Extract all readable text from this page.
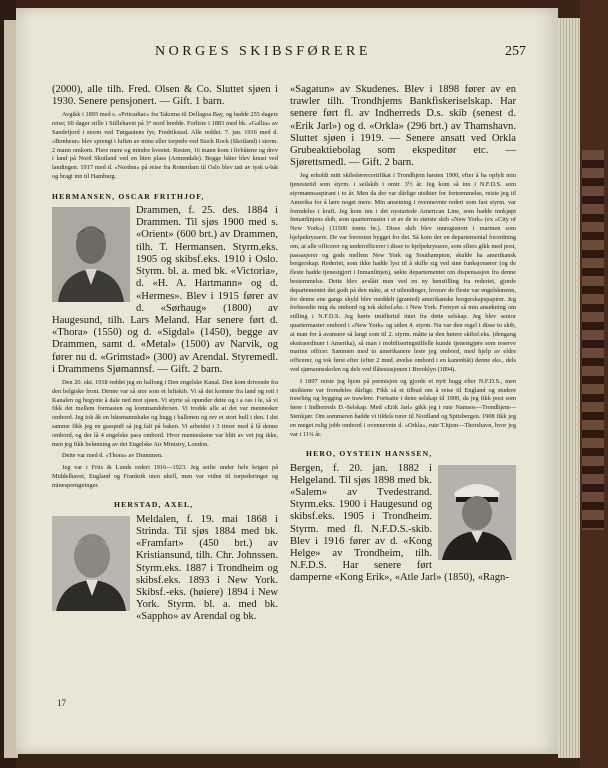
NORGES SKIBSFØRERE	257

(2000), alle tilh. Fred. Olsen & Co. Sluttet sjøen i 1930. Senere pensjonert. — Gift. 1 barn.

Avgikk i 1895 med s. «Pritcadiac» fra Takoma til Dellagoa Bay, og hadde 255 dagers reise; 60 dager stille i Stillehavet på 3° nord bredde. Forliste i 1883 med bk. «Gallia» av Sandefjord i storm ved Tørgautens fyr, Fredrikstad. Alle reddet. 7. jan. 1916 med d. «Bonheur» blev sprengt i luften av mine eller torpedo ved Stock Rock (Skotland) i storm. 2 mann omkom. Flere mere og mindre kvestet. Resten, 16 mann kom i livbåtene og drev i land på Nord Skotland ved en liten plass (Armendale). Begge båter blev knust ved landingen. 1917 med d. «Norden» på reise fra Rotterdam til Oslo blev tatt av tysk u-båt og bragt inn til Hamburg.

HERMANSEN, OSCAR FRITHJOF,

Drammen, f. 25. des. 1884 i Drammen. Til sjøs 1900 med s. «Orient» (600 brt.) av Drammen, tilh. T. Hermansen. Styrm.eks. 1905 og skibsf.eks. 1910 i Oslo. Styrm. bl. a. med bk. «Victoria», d. «H. A. Hartmann» og d. «Hermes». Blev i 1915 fører av d. «Sørhaug» (1800) av Haugesund, tilh. Lars Meland. Har senere ført d. «Thora» (1550) og d. «Sigdal» (1450), begge av Drammen, samt d. «Metal» (1500) av Narvik, og fører nu d. «Grimstad» (300) av Arendal. Styremedl. i Drammens Sjømannsf. — Gift. 2 barn.

Den 20. okt. 1918 reddet jeg en ballong i Den engelske Kanal. Den kom drivende fra den belgiske front. Denne var så stor som et luftskib. Vi så det komme fra land og rett i Kanalen og begynte å dale ned mot sjøen. Vi styrte så opunder dette og i a oss i le, så vi fikk det mellem formasten og kommandobroen. Vi trodde alle at det var mennesker ombord. Jeg tok åk en båtsmannshake og hugg i ballonen og rev et stort hull i den. I det samme fikk jeg en gasspuff så jeg falt på baken. Vi arbeidet i 3 timer med å få denne ombord, og der lå 4 engelske pass ombord. Hvor menneskene var blitt av vet jeg ikke, men jeg fikk belønning av det Engelske Air Ministry, London.

Dette var med d. «Thora» av Drammen.

Jeg var i Friis & Lunds rederi 1916—1923. Jeg seilte under hele krigen på Middelhavet, England og Frankrik uten uhell, men var vidne til torpederinger og minesprengninger.

HERSTAD, AXEL,

Meldalen, f. 19. mai 1868 i Strinda. Til sjøs 1884 med bk. «Framfart» (450 brt.) av Kristiansund, tilh. Chr. Johnssen. Styrm.eks. 1887 i Trondheim og skibsf.eks. 1893 i New York. Skibsf.-eks. (høiere) 1894 i New York. Styrm. bl. a. med bk. «Sappho» av Arendal og bk.

«Sagatun» av Skudenes. Blev i 1898 fører av en trawler tilh. Trondhjems Bankfiskeriselskap. Har senere ført fl. av Indherreds D.s. skib (senest d. «Erik Jarl») og d. «Orkla» (296 brt.) av Thamshavn. Sluttet sjøen i 1919. — Senere ansatt ved Orkla Grubeaktiebolag som ekspeditør etc. — Sjørettsmedl. — Gift. 2 barn.

Jeg erholdt mitt skibsførercertifikat i Trondhjem høsten 1900, efter å ha opfylt min tjenestetid som styrm. i seilskib i omtr. 3½ år. Jeg kom så inn i N.F.D.S. som styrmannsaspirant i to år. Men da der var dårlige utsikter for fortremmelse, reiste jeg til Amerika for å lære noget mere. Min ansetning i ovennevnte rederi som fast styrm. var fremdeles i kraft. Jeg kom inn i det nystartede American Line, som hadde innkjøpt Inmanlinjens skib, som quartermaster i et av de to største skib «New York» (ex «City of New York») (11500 tonns br.). Disse skib blev innregistrert i marinen som hjelpekryssere. De var forresten bygget for det. Så kom der en departemental forordning om, at alle officerer og underofficerer i disse to hjelpekryssere, som ellers gikk med post, passasjerer og gods mellem New York og Southampton, skulde ha amerikansk borgerskap. Rederiet, som ikke hadde lyst til å skille sig ved sine funksjonærer (og de fleste hadde tjenestgjort i Inmanlinjen), søkte departementet om dispensasjon fra denne bestemmelse. Dette blev avslått men ved en ny henstilling fra rederiet, gjorde departementet det godt på den måte, at vi utlendinger, hvorav de fleste var engelskmenn, for denne ene gangs skyld blev meddelt (granted) amerikanske borgerskapspapirer. Jeg forberedte mig da ombord og tok skibsf.eks. i New York. Fornyet så min ansøkning om stilling i N.F.D.S. Jeg hørte imidlertid intet fra dette selskap. Jeg blev senior quartermaster ombord i «New York» og siden 4. styrm. Nu var den regel i disse to skib, at man for å avansere så langt som til 2. styrm. måtte ta den høiere skibsf.eks. (dengang ekstraordinær i Amerika), så man i mobiliseringstilfelle kunde tjenestgjøre som reserve marine officer. Sammen med to amerikanere leste jeg ombord, med hjelp av eldre officerer, og tok først efter (efter 2 mnd. øvelse ombord i en kanonbåt) denne eks., dels ved sjømannsskolen og dels ved flåtestasjonen i Brooklyn (1894).

I 1897 reiste jeg hjem på permisjon og gjorde et nytt hugg efter N.F.D.S., men utsiktene var fremdeles dårlige. Fikk så et tilbud om å reise til England og studere trawling og bygging av trawlere. Fortsatte i dette selskap til 1900, da jeg fikk post som fører i Indherreds D.-Selskap. Med «Erik Jarl» gikk jeg i rute Namsos—Trondhjem—Stenkjær. Om sommeren hadde vi tildels turer til Nordland og Spitsbergen. 1908 fikk jeg en meget rolig jobb ombord i ovennevnte d. «Orkla», rute T.hjem—Thorshavn, hvor jeg var i 11¼ år.

HERO, OYSTEIN HANSSEN,

Bergen, f. 20. jan. 1882 i Helgeland. Til sjøs 1898 med bk. «Salem» av Tvedestrand. Styrm.eks. 1900 i Haugesund og skibsf.eks. 1905 i Trondheim. Styrm. med fl. N.F.D.S.-skib. Blev i 1916 fører av d. «Kong Helge» av Trondheim, tilh. N.F.D.S. Har senere ført damperne «Kong Erik», «Atle Jarl» (1850), «Ragn-

17
